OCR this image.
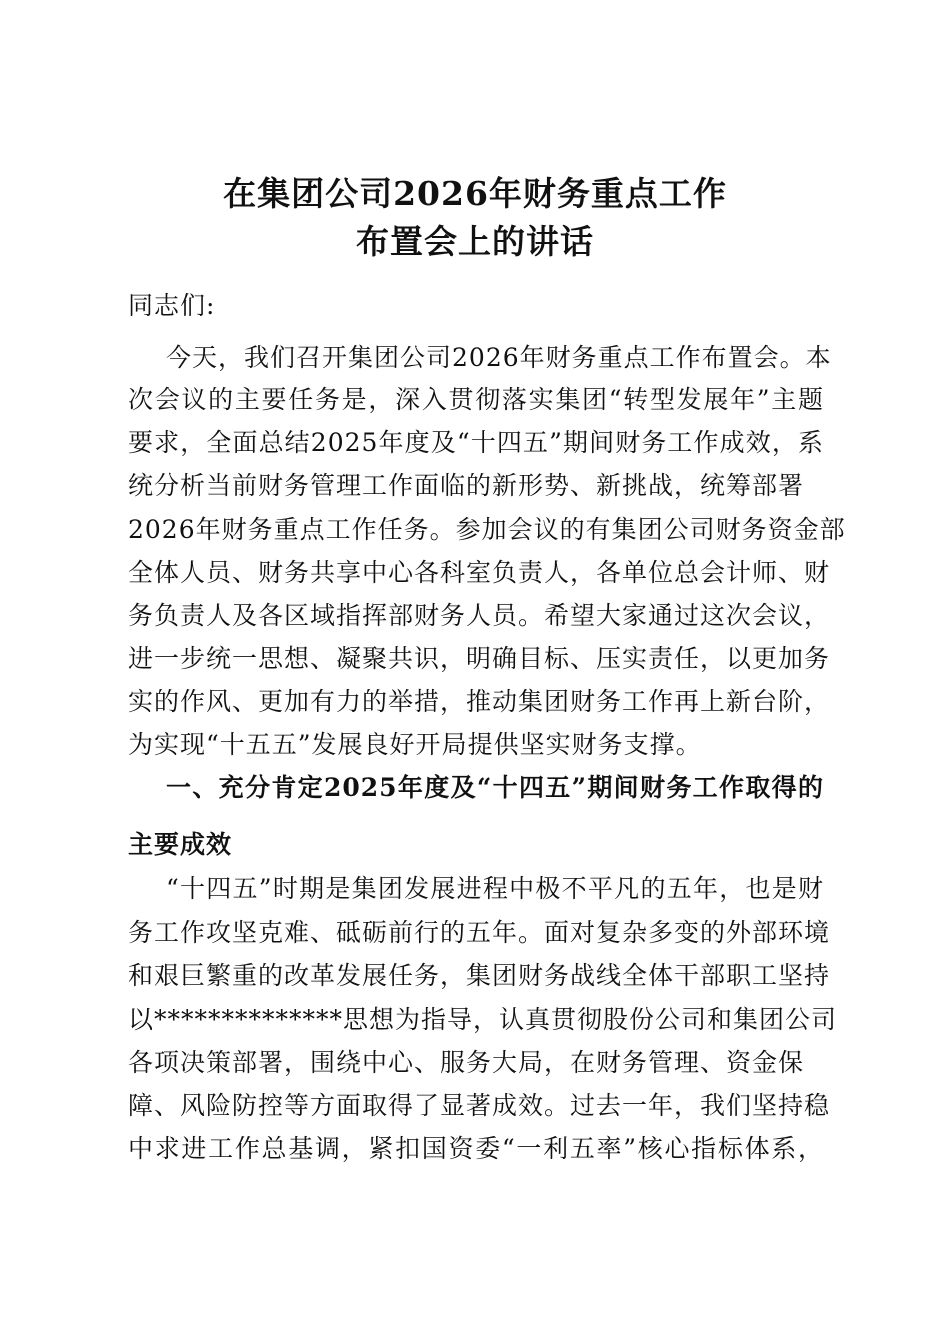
在集团公司2026年财务重点工作
布置会上的讲话
同志们:
今天，我们召开集团公司2026年财务重点工作布置会。本
次会议的主要任务是，深入贯彻落实集团“转型发展年”主题
要求，全面总结2025年度及“十四五”期间财务工作成效，系
统分析当前财务管理工作面临的新形势、新挑战，统筹部署
2026年财务重点工作任务。参加会议的有集团公司财务资金部
全体人员、财务共享中心各科室负责人，各单位总会计师、财
务负责人及各区域指挥部财务人员。希望大家通过这次会议，
进一步统一思想、凝聚共识，明确目标、压实责任，以更加务
实的作风、更加有力的举措，推动集团财务工作再上新台阶，
为实现“十五五”发展良好开局提供坚实财务支撑。
一、充分肯定2025年度及“十四五”期间财务工作取得的
主要成效
“十四五”时期是集团发展进程中极不平凡的五年，也是财
务工作攻坚克难、砥砺前行的五年。面对复杂多变的外部环境
和艰巨繁重的改革发展任务，集团财务战线全体干部职工坚持
以**************思想为指导，认真贯彻股份公司和集团公司
各项决策部署，围绕中心、服务大局，在财务管理、资金保
障、风险防控等方面取得了显著成效。过去一年，我们坚持稳
中求进工作总基调，紧扣国资委“一利五率”核心指标体系，
